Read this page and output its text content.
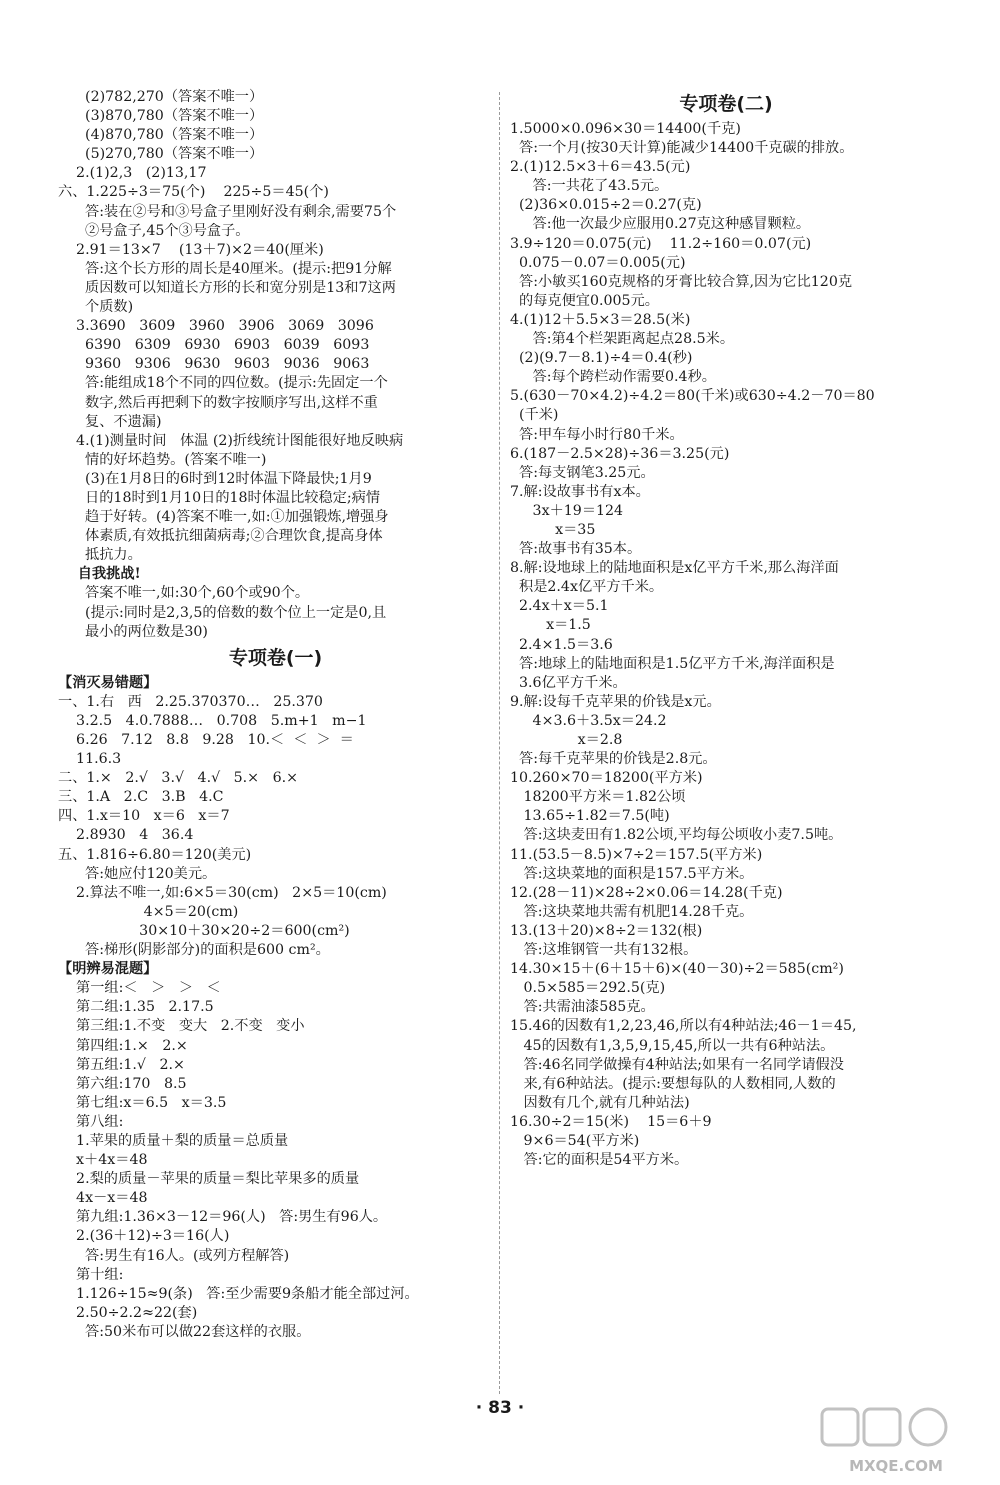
(2)782,270（答案不唯一）
(3)870,780（答案不唯一）
(4)870,780（答案不唯一）
(5)270,780（答案不唯一）
2.(1)2,3   (2)13,17
六、1.225÷3＝75(个)    225÷5＝45(个)
答:装在②号和③号盒子里刚好没有剩余,需要75个
②号盒子,45个③号盒子。
2.91＝13×7    (13＋7)×2＝40(厘米)
答:这个长方形的周长是40厘米。(提示:把91分解
质因数可以知道长方形的长和宽分别是13和7这两
个质数)
3.3690   3609   3960   3906   3069   3096
6390   6309   6930   6903   6039   6093
9360   9306   9630   9603   9036   9063
答:能组成18个不同的四位数。(提示:先固定一个
数字,然后再把剩下的数字按顺序写出,这样不重
复、不遗漏)
4.(1)测量时间   体温 (2)折线统计图能很好地反映病
情的好坏趋势。(答案不唯一)
(3)在1月8日的6时到12时体温下降最快;1月9
日的18时到1月10日的18时体温比较稳定;病情
趋于好转。(4)答案不唯一,如:①加强锻炼,增强身
体素质,有效抵抗细菌病毒;②合理饮食,提高身体
抵抗力。
自我挑战!
答案不唯一,如:30个,60个或90个。
(提示:同时是2,3,5的倍数的数个位上一定是0,且
最小的两位数是30)
专项卷(一)
【消灭易错题】
一、1.右   西   2.25.370370…   25.370
3.2.5   4.0.7888…   0.708   5.m+1   m−1
6.26   7.12   8.8   9.28   10.＜  ＜  ＞  ＝
11.6.3
二、1.×   2.√   3.√   4.√   5.×   6.×
三、1.A   2.C   3.B   4.C
四、1.x＝10   x＝6   x＝7
2.8930   4   36.4
五、1.816÷6.80＝120(美元)
答:她应付120美元。
2.算法不唯一,如:6×5＝30(cm)   2×5＝10(cm)
4×5＝20(cm)
30×10＋30×20÷2＝600(cm²)
答:梯形(阴影部分)的面积是600 cm²。
【明辨易混题】
第一组:＜   ＞   ＞   ＜
第二组:1.35   2.17.5
第三组:1.不变   变大   2.不变   变小
第四组:1.×   2.×
第五组:1.√   2.×
第六组:170   8.5
第七组:x＝6.5   x＝3.5
第八组:
1.苹果的质量＋梨的质量＝总质量
x＋4x＝48
2.梨的质量－苹果的质量＝梨比苹果多的质量
4x－x＝48
第九组:1.36×3－12＝96(人)   答:男生有96人。
2.(36＋12)÷3＝16(人)
答:男生有16人。(或列方程解答)
第十组:
1.126÷15≈9(条)   答:至少需要9条船才能全部过河。
2.50÷2.2≈22(套)
答:50米布可以做22套这样的衣服。
专项卷(二)
1.5000×0.096×30＝14400(千克)
答:一个月(按30天计算)能减少14400千克碳的排放。
2.(1)12.5×3＋6＝43.5(元)
答:一共花了43.5元。
(2)36×0.015÷2＝0.27(克)
答:他一次最少应服用0.27克这种感冒颗粒。
3.9÷120＝0.075(元)    11.2÷160＝0.07(元)
0.075－0.07＝0.005(元)
答:小敏买160克规格的牙膏比较合算,因为它比120克
的每克便宜0.005元。
4.(1)12＋5.5×3＝28.5(米)
答:第4个栏架距离起点28.5米。
(2)(9.7－8.1)÷4＝0.4(秒)
答:每个跨栏动作需要0.4秒。
5.(630－70×4.2)÷4.2＝80(千米)或630÷4.2－70＝80
(千米)
答:甲车每小时行80千米。
6.(187－2.5×28)÷36＝3.25(元)
答:每支钢笔3.25元。
7.解:设故事书有x本。
3x＋19＝124
x＝35
答:故事书有35本。
8.解:设地球上的陆地面积是x亿平方千米,那么海洋面
积是2.4x亿平方千米。
2.4x＋x＝5.1
x＝1.5
2.4×1.5＝3.6
答:地球上的陆地面积是1.5亿平方千米,海洋面积是
3.6亿平方千米。
9.解:设每千克苹果的价钱是x元。
4×3.6＋3.5x＝24.2
x＝2.8
答:每千克苹果的价钱是2.8元。
10.260×70＝18200(平方米)
18200平方米＝1.82公顷
13.65÷1.82＝7.5(吨)
答:这块麦田有1.82公顷,平均每公顷收小麦7.5吨。
11.(53.5－8.5)×7÷2＝157.5(平方米)
答:这块菜地的面积是157.5平方米。
12.(28－11)×28÷2×0.06＝14.28(千克)
答:这块菜地共需有机肥14.28千克。
13.(13＋20)×8÷2＝132(根)
答:这堆钢管一共有132根。
14.30×15＋(6＋15＋6)×(40－30)÷2＝585(cm²)
0.5×585＝292.5(克)
答:共需油漆585克。
15.46的因数有1,2,23,46,所以有4种站法;46－1＝45,
45的因数有1,3,5,9,15,45,所以一共有6种站法。
答:46名同学做操有4种站法;如果有一名同学请假没
来,有6种站法。(提示:要想每队的人数相同,人数的
因数有几个,就有几种站法)
16.30÷2＝15(米)    15＝6＋9
9×6＝54(平方米)
答:它的面积是54平方米。
· 83 ·
MXQE.COM
